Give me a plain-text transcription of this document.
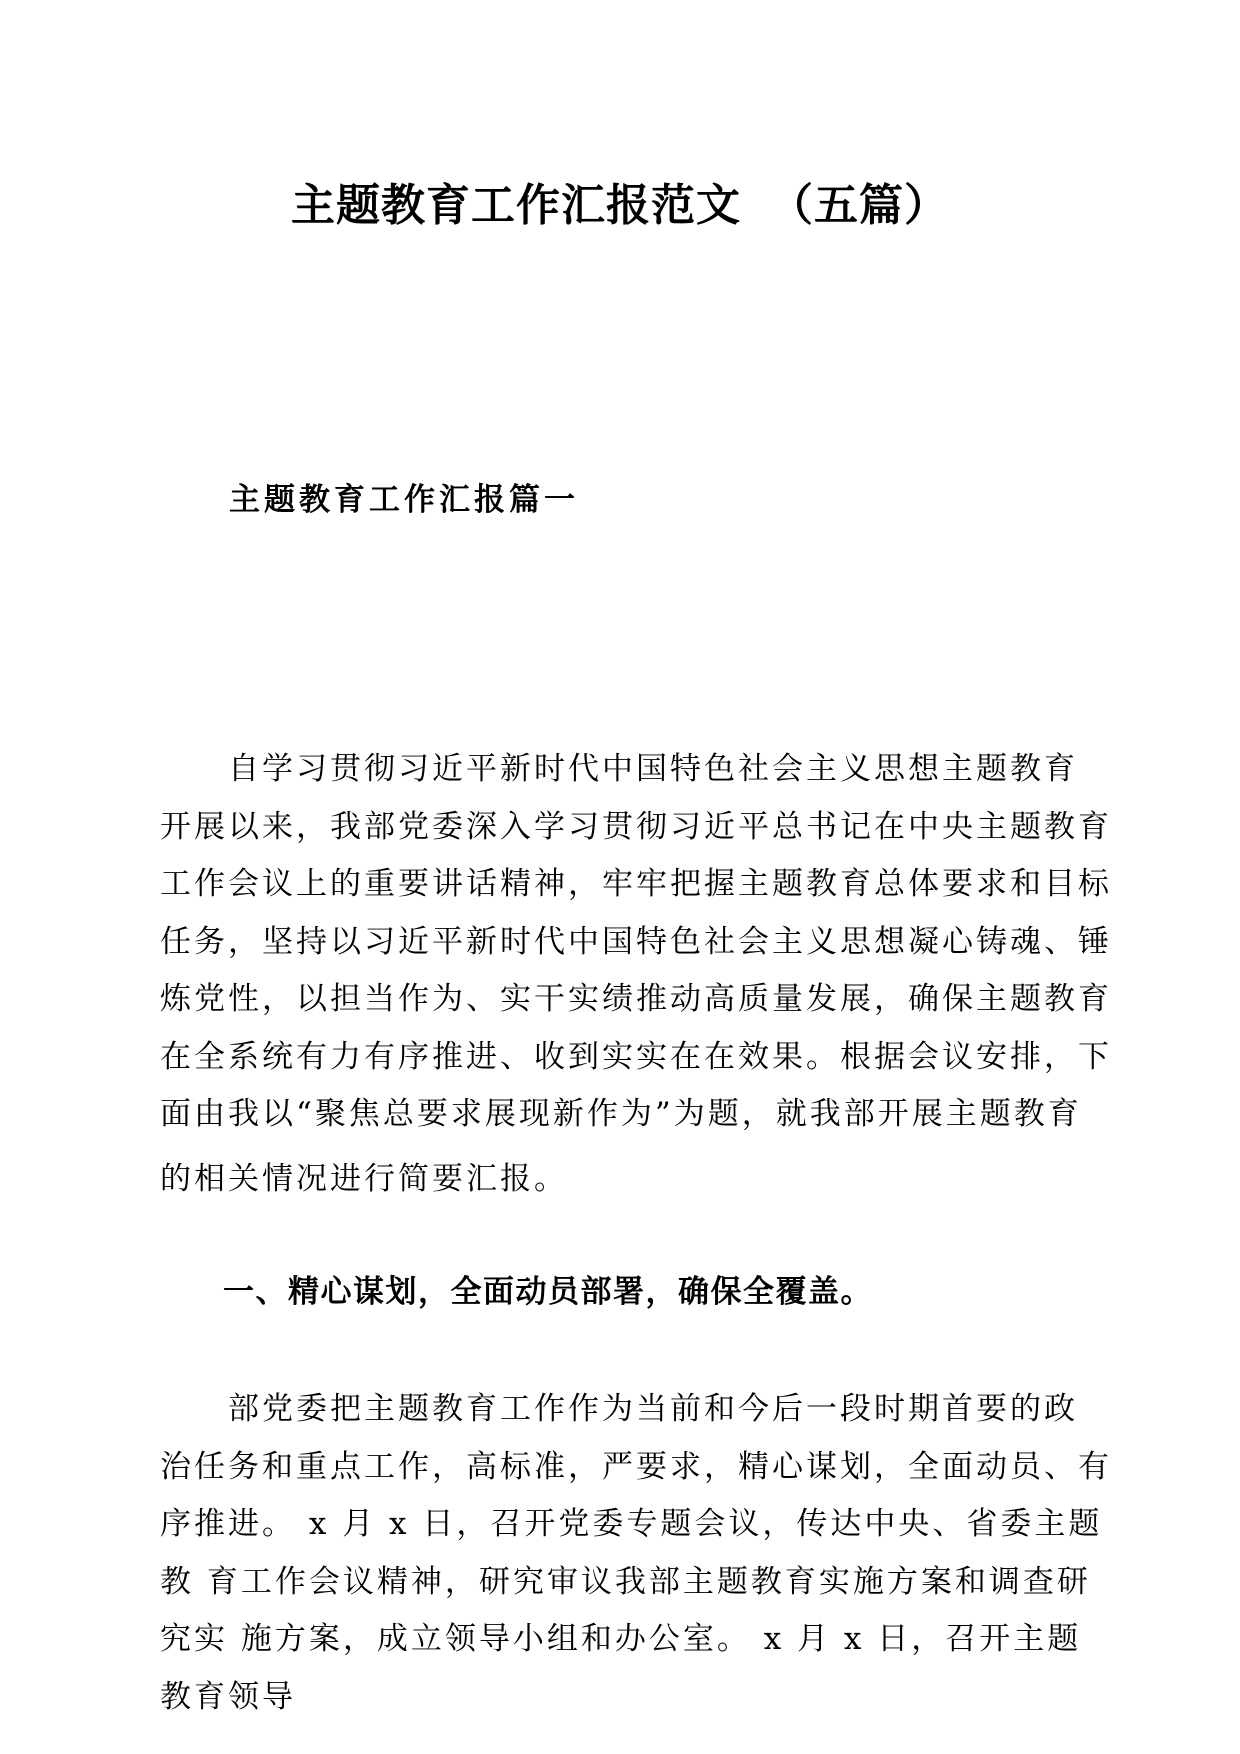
主题教育工作汇报范文 （五篇）
主题教育工作汇报篇一
自学习贯彻习近平新时代中国特色社会主义思想主题教育
开展以来，我部党委深入学习贯彻习近平总书记在中央主题教育
工作会议上的重要讲话精神，牢牢把握主题教育总体要求和目标
任务，坚持以习近平新时代中国特色社会主义思想凝心铸魂、锤
炼党性，以担当作为、实干实绩推动高质量发展，确保主题教育
在全系统有力有序推进、收到实实在在效果。根据会议安排，下
面由我以“聚焦总要求展现新作为”为题，就我部开展主题教育
的相关情况进行简要汇报。
一、精心谋划，全面动员部署，确保全覆盖。
部党委把主题教育工作作为当前和今后一段时期首要的政
治任务和重点工作，高标准，严要求，精心谋划，全面动员、有
序推进。 x 月 x 日，召开党委专题会议，传达中央、省委主题
教 育工作会议精神，研究审议我部主题教育实施方案和调查研
究实 施方案，成立领导小组和办公室。 x 月 x 日，召开主题
教育领导
